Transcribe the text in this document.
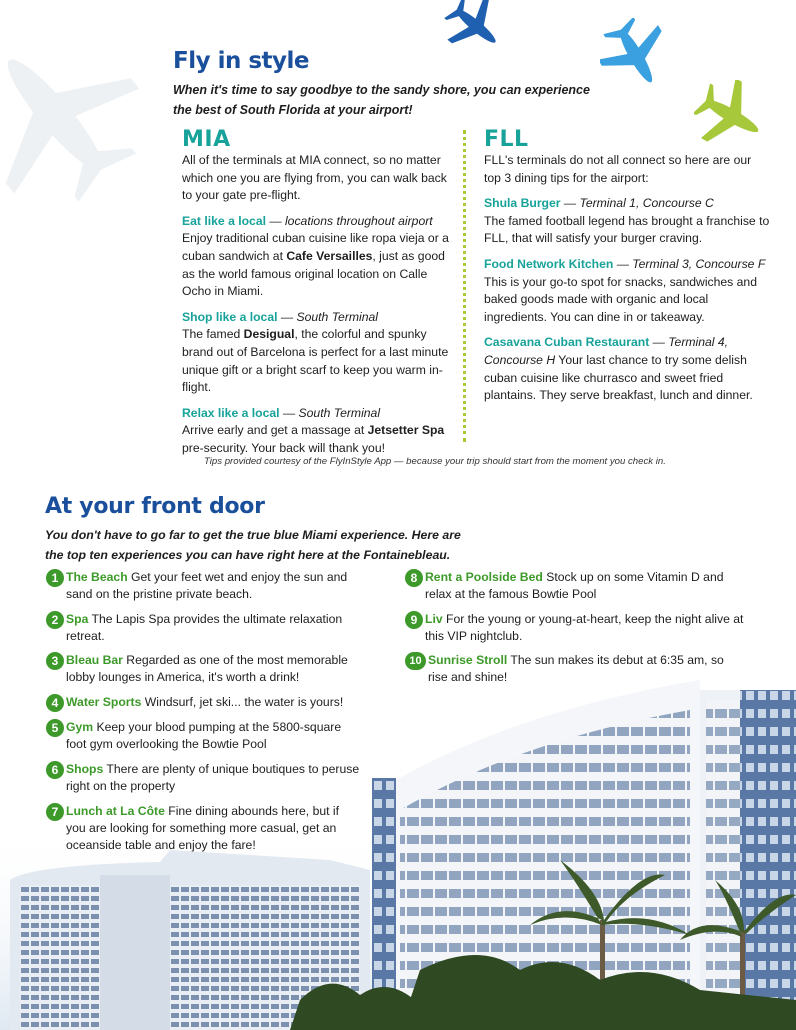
Fly in style
When it's time to say goodbye to the sandy shore, you can experience the best of South Florida at your airport!
MIA

All of the terminals at MIA connect, so no matter which one you are flying from, you can walk back to your gate pre-flight.

Eat like a local — locations throughout airport
Enjoy traditional cuban cuisine like ropa vieja or a cuban sandwich at Cafe Versailles, just as good as the world famous original location on Calle Ocho in Miami.

Shop like a local — South Terminal
The famed Desigual, the colorful and spunky brand out of Barcelona is perfect for a last minute unique gift or a bright scarf to keep you warm in-flight.

Relax like a local — South Terminal
Arrive early and get a massage at Jetsetter Spa pre-security. Your back will thank you!

FLL

FLL's terminals do not all connect so here are our top 3 dining tips for the airport:

Shula Burger — Terminal 1, Concourse C
The famed football legend has brought a franchise to FLL, that will satisfy your burger craving.

Food Network Kitchen — Terminal 3, Concourse F
This is your go-to spot for snacks, sandwiches and baked goods made with organic and local ingredients. You can dine in or takeaway.

Casavana Cuban Restaurant — Terminal 4, Concourse H Your last chance to try some delish cuban cuisine like churrasco and sweet fried plantains. They serve breakfast, lunch and dinner.

Tips provided courtesy of the FlyInStyle App — because your trip should start from the moment you check in.
At your front door
You don't have to go far to get the true blue Miami experience. Here are the top ten experiences you can have right here at the Fontainebleau.
1 The Beach Get your feet wet and enjoy the sun and sand on the pristine private beach.
2 Spa The Lapis Spa provides the ultimate relaxation retreat.
3 Bleau Bar Regarded as one of the most memorable lobby lounges in America, it's worth a drink!
4 Water Sports Windsurf, jet ski... the water is yours!
5 Gym Keep your blood pumping at the 5800-square foot gym overlooking the Bowtie Pool
6 Shops There are plenty of unique boutiques to peruse right on the property
7 Lunch at La Côte Fine dining abounds here, but if you are looking for something more casual, get an oceanside table and enjoy the fare!
8 Rent a Poolside Bed Stock up on some Vitamin D and relax at the famous Bowtie Pool
9 Liv For the young or young-at-heart, keep the night alive at this VIP nightclub.
10 Sunrise Stroll The sun makes its debut at 6:35 am, so rise and shine!
